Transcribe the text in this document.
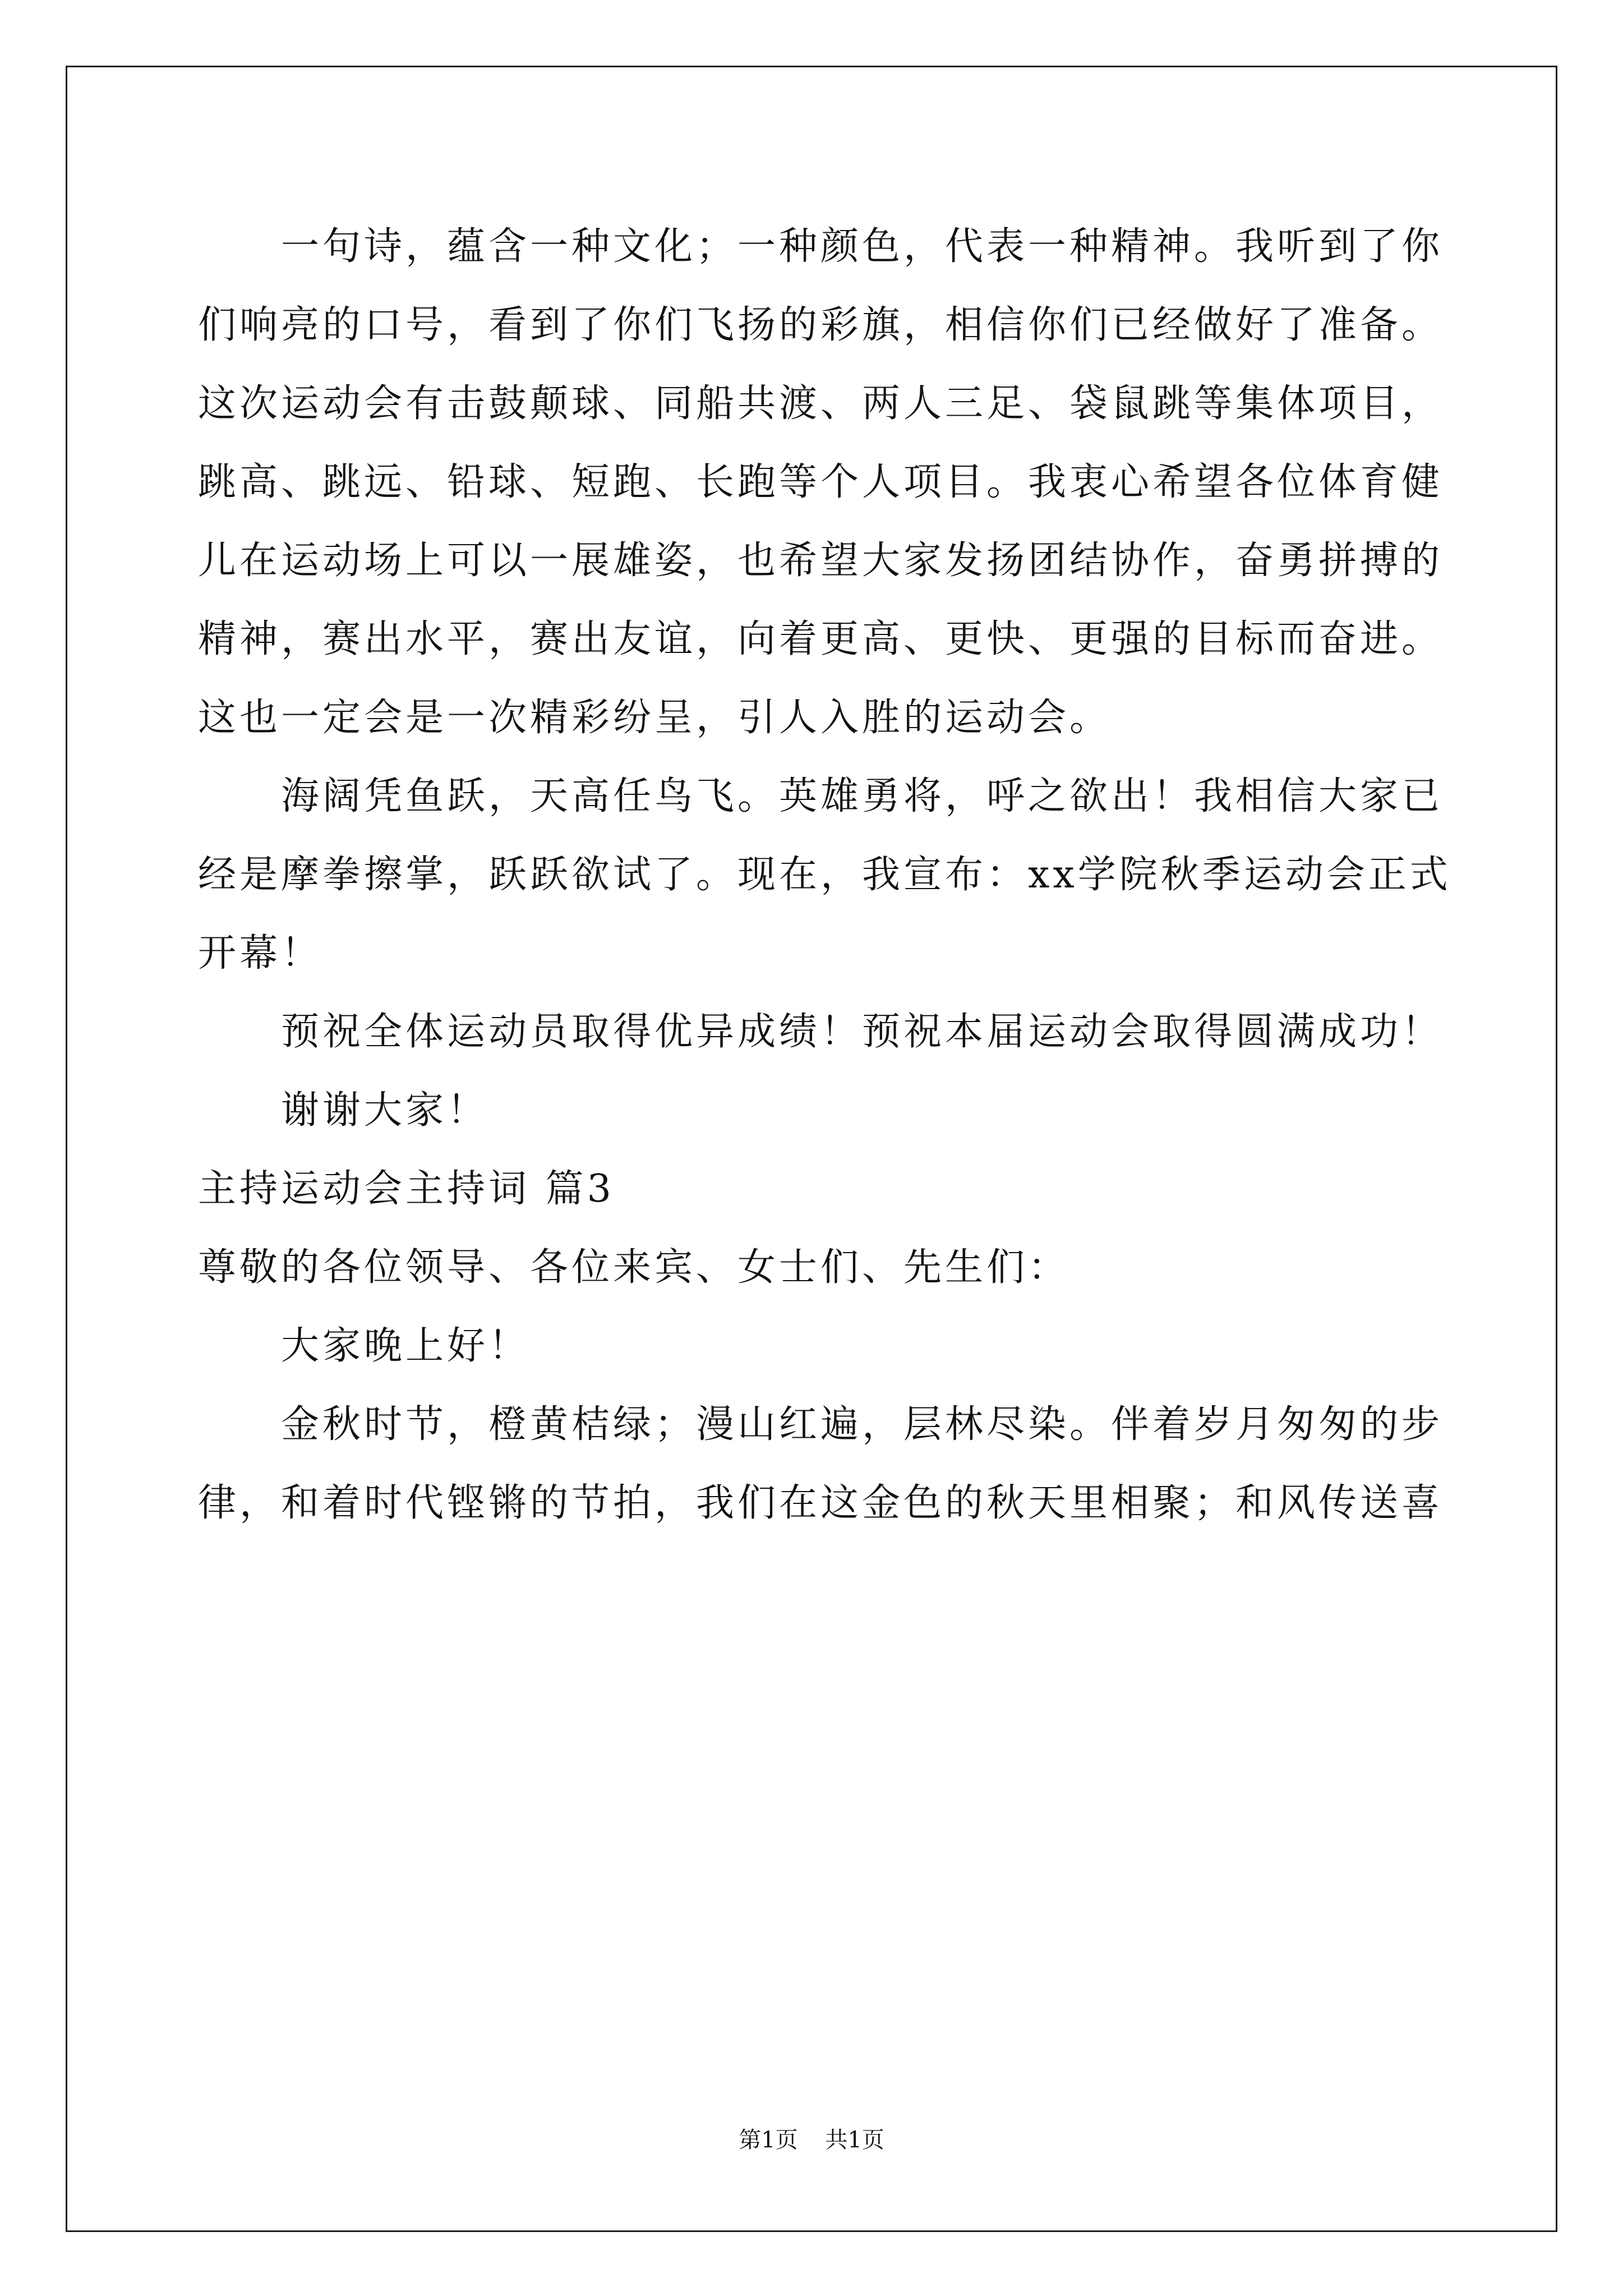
一句诗，蕴含一种文化；一种颜色，代表一种精神。我听到了你
们响亮的口号，看到了你们飞扬的彩旗，相信你们已经做好了准备。
这次运动会有击鼓颠球、同船共渡、两人三足、袋鼠跳等集体项目，
跳高、跳远、铅球、短跑、长跑等个人项目。我衷心希望各位体育健
儿在运动场上可以一展雄姿，也希望大家发扬团结协作，奋勇拼搏的
精神，赛出水平，赛出友谊，向着更高、更快、更强的目标而奋进。
这也一定会是一次精彩纷呈，引人入胜的运动会。
海阔凭鱼跃，天高任鸟飞。英雄勇将，呼之欲出！我相信大家已
经是摩拳擦掌，跃跃欲试了。现在，我宣布：xx学院秋季运动会正式
开幕！
预祝全体运动员取得优异成绩！预祝本届运动会取得圆满成功！
谢谢大家！
主持运动会主持词 篇3
尊敬的各位领导、各位来宾、女士们、先生们：
大家晚上好！
金秋时节，橙黄桔绿；漫山红遍，层林尽染。伴着岁月匆匆的步
律，和着时代铿锵的节拍，我们在这金色的秋天里相聚；和风传送喜
第1页 共1页
